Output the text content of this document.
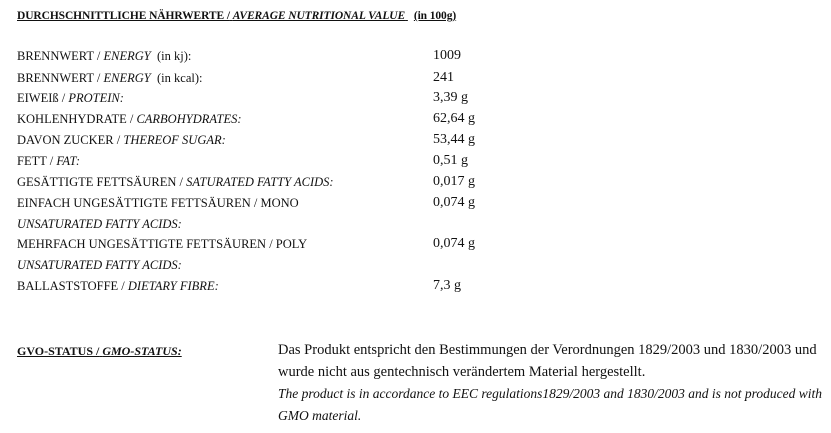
DURCHSCHNITTLICHE NÄHRWERTE / AVERAGE NUTRITIONAL VALUE (in 100g)
BRENNWERT / ENERGY (in kj):	1009
BRENNWERT / ENERGY (in kcal):	241
EIWEIß / PROTEIN:	3,39 g
KOHLENHYDRATE / CARBOHYDRATES:	62,64 g
DAVON ZUCKER / THEREOF SUGAR:	53,44 g
FETT / FAT:	0,51 g
GESÄTTIGTE FETTSÄUREN / SATURATED FATTY ACIDS:	0,017 g
EINFACH UNGESÄTTIGTE FETTSÄUREN / MONO	0,074 g
UNSATURATED FATTY ACIDS:
MEHRFACH UNGESÄTTIGTE FETTSÄUREN / POLY	0,074 g
UNSATURATED FATTY ACIDS:
BALLASTSTOFFE / DIETARY FIBRE:	7,3 g
GVO-STATUS / GMO-STATUS:	Das Produkt entspricht den Bestimmungen der Verordnungen 1829/2003 und 1830/2003 und wurde nicht aus gentechnisch verändertem Material hergestellt.
The product is in accordance to EEC regulations1829/2003 and 1830/2003 and is not produced with GMO material.
